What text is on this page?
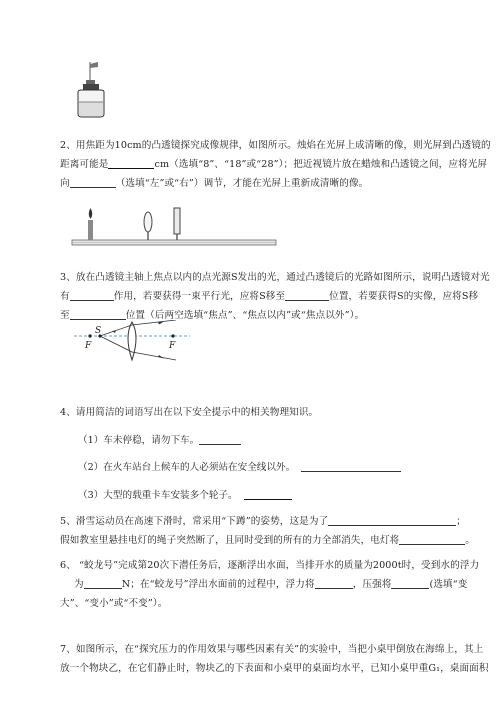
2、用焦距为10cm的凸透镜探究成像规律，如图所示。烛焰在光屏上成清晰的像，则光屏到凸透镜的
距离可能是	cm（选填“8”、“18”或“28”）；把近视镜片放在蜡烛和凸透镜之间，应将光屏
向	（选填“左”或“右”）调节，才能在光屏上重新成清晰的像。
3、放在凸透镜主轴上焦点以内的点光源S发出的光，通过凸透镜后的光路如图所示，说明凸透镜对光
有	作用，若要获得一束平行光，应将S移至	位置，若要获得S的实像，应将S移
至	位置（后两空选填“焦点”、“焦点以内”或“焦点以外”）。
S
F	F
4、请用简洁的词语写出在以下安全提示中的相关物理知识。
（1）车未停稳，请勿下车。
（2）在火车站台上候车的人必须站在安全线以外。
（3）大型的载重卡车安装多个轮子。
5、滑雪运动员在高速下滑时，常采用“下蹲”的姿势，这是为了	；
假如教室里悬挂电灯的绳子突然断了，且同时受到的所有的力全部消失，电灯将	。
6、 “蛟龙号”完成第20次下潜任务后，逐渐浮出水面，当排开水的质量为2000t时，受到水的浮力
为	N；在“蛟龙号”浮出水面前的过程中，浮力将	，压强将	(选填“变
大”、“变小”或“不变”）。
7、如图所示，在“探究压力的作用效果与哪些因素有关”的实验中，当把小桌甲倒放在海绵上，其上
放一个物块乙，在它们静止时，物块乙的下表面和小桌甲的桌面均水平，已知小桌甲重G₁，桌面面积
